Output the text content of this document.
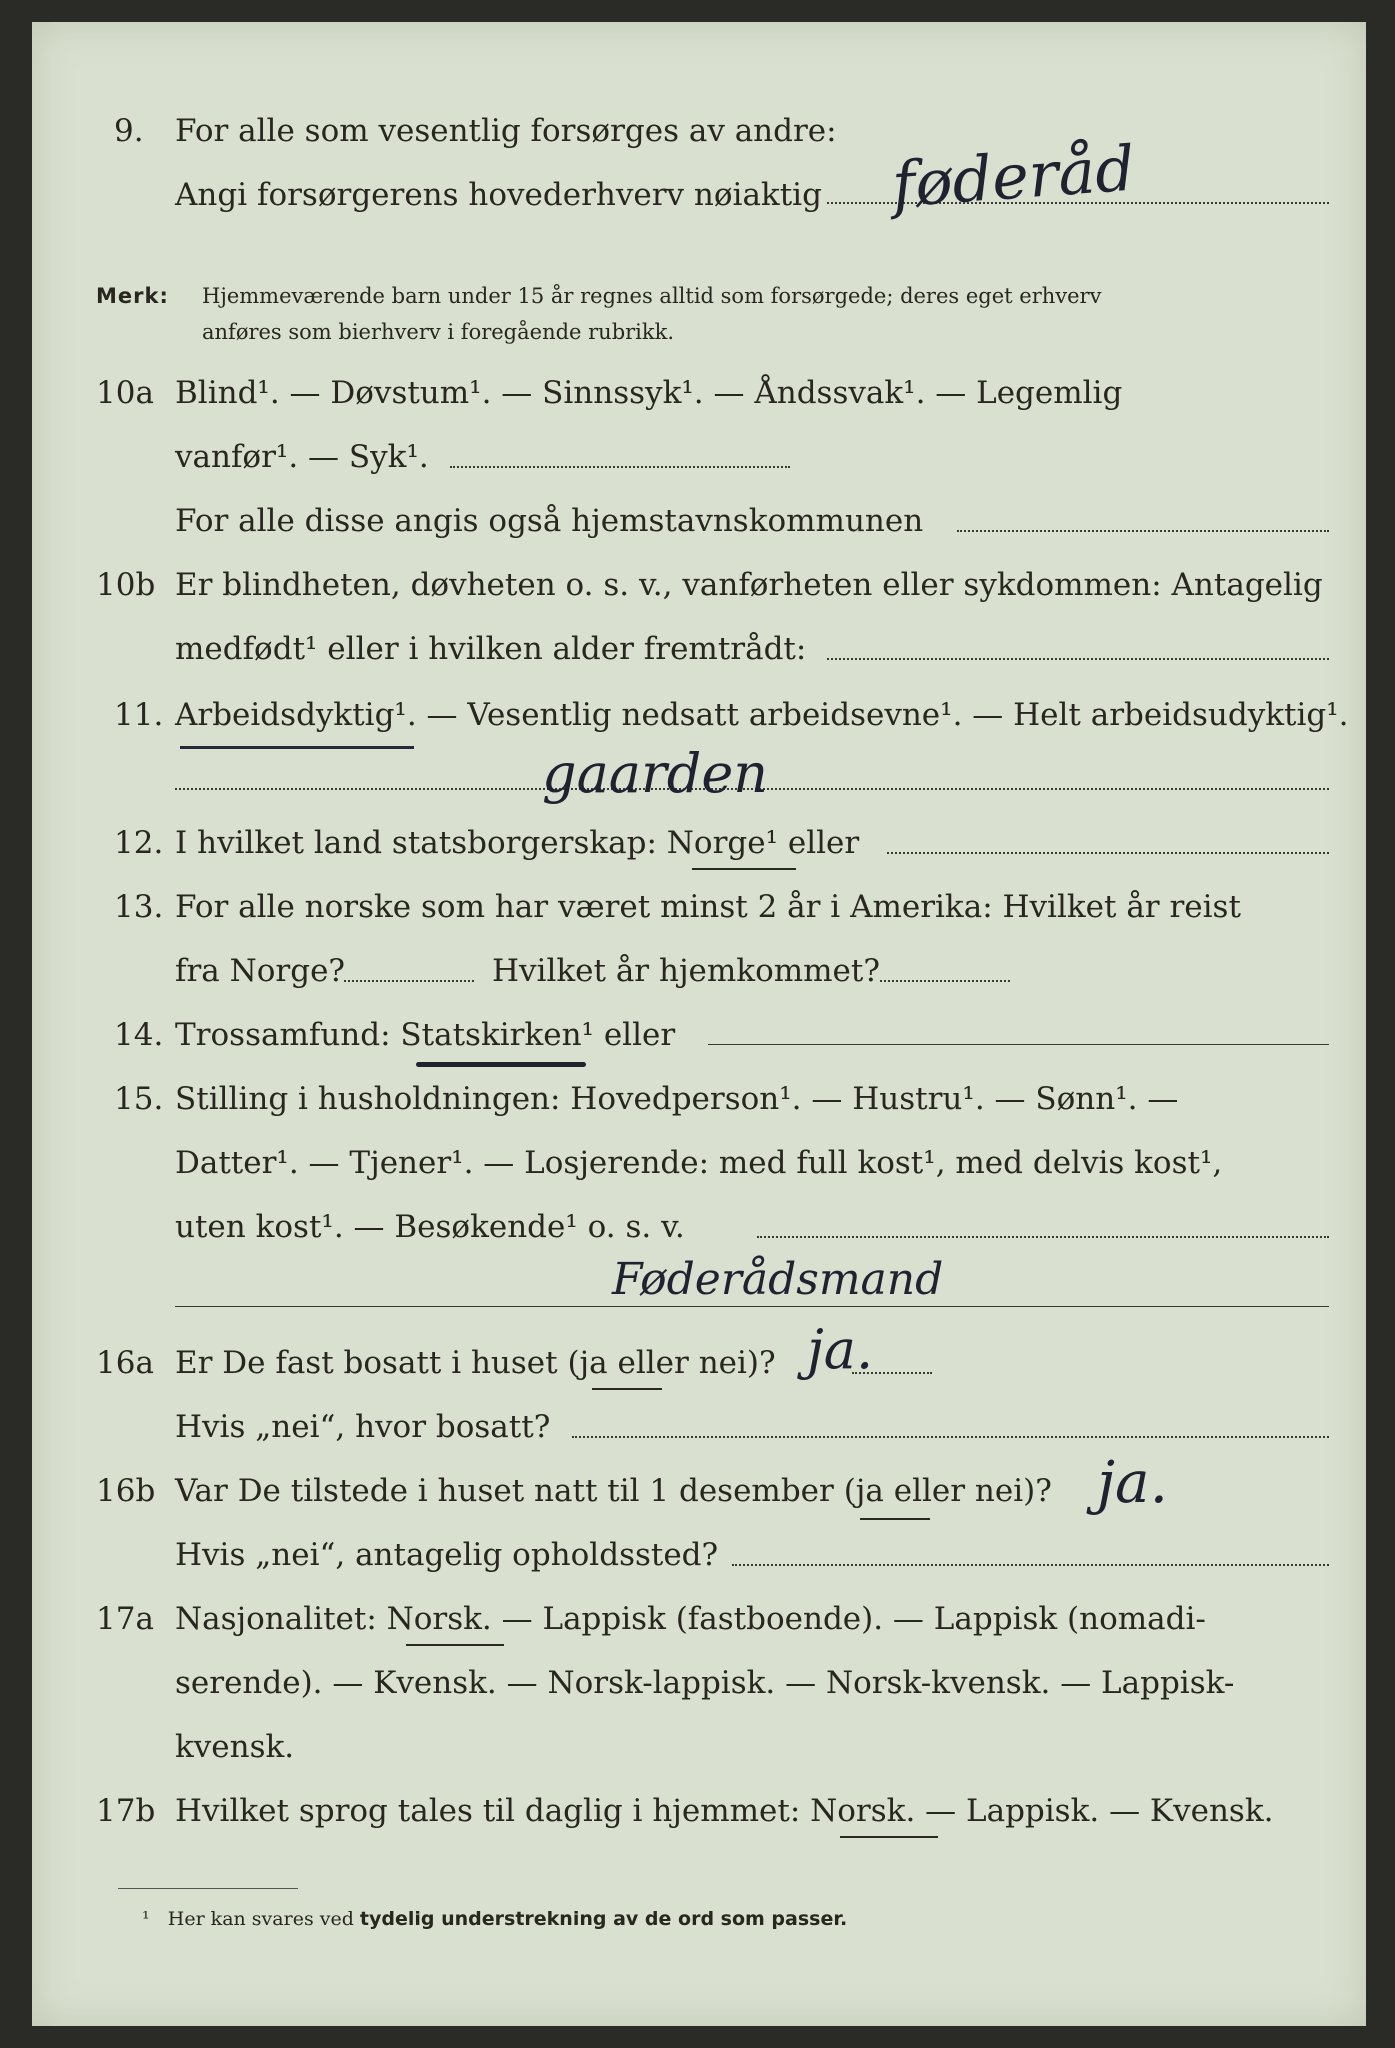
9. For alle som vesentlig forsørges av andre:
Angi forsørgerens hovederhverv nøiaktig føderåd
Merk: Hjemmeværende barn under 15 år regnes alltid som forsørgede; deres eget erhverv
anføres som bierhverv i foregående rubrikk.
10a Blind¹. — Døvstum¹. — Sinnssyk¹. — Åndssvak¹. — Legemlig
vanfør¹. — Syk¹.
For alle disse angis også hjemstavnskommunen
10b Er blindheten, døvheten o. s. v., vanførheten eller sykdommen: Antagelig
medfødt¹ eller i hvilken alder fremtrådt:
11. Arbeidsdyktig¹. — Vesentlig nedsatt arbeidsevne¹. — Helt arbeidsudyktig¹.
gaarden
12. I hvilket land statsborgerskap: Norge¹ eller
13. For alle norske som har været minst 2 år i Amerika: Hvilket år reist
fra Norge?	Hvilket år hjemkommet?
14. Trossamfund: Statskirken¹ eller
15. Stilling i husholdningen: Hovedperson¹. — Hustru¹. — Sønn¹. —
Datter¹. — Tjener¹. — Losjerende: med full kost¹, med delvis kost¹,
uten kost¹. — Besøkende¹ o. s. v.
Føderådsmand
16a Er De fast bosatt i huset (ja eller nei)? ja.
Hvis „nei“, hvor bosatt?
16b Var De tilstede i huset natt til 1 desember (ja eller nei)? ja.
Hvis „nei“, antagelig opholdssted?
17a Nasjonalitet: Norsk. — Lappisk (fastboende). — Lappisk (nomadi-
serende). — Kvensk. — Norsk-lappisk. — Norsk-kvensk. — Lappisk-
kvensk.
17b Hvilket sprog tales til daglig i hjemmet: Norsk. — Lappisk. — Kvensk.
¹ Her kan svares ved tydelig understrekning av de ord som passer.
